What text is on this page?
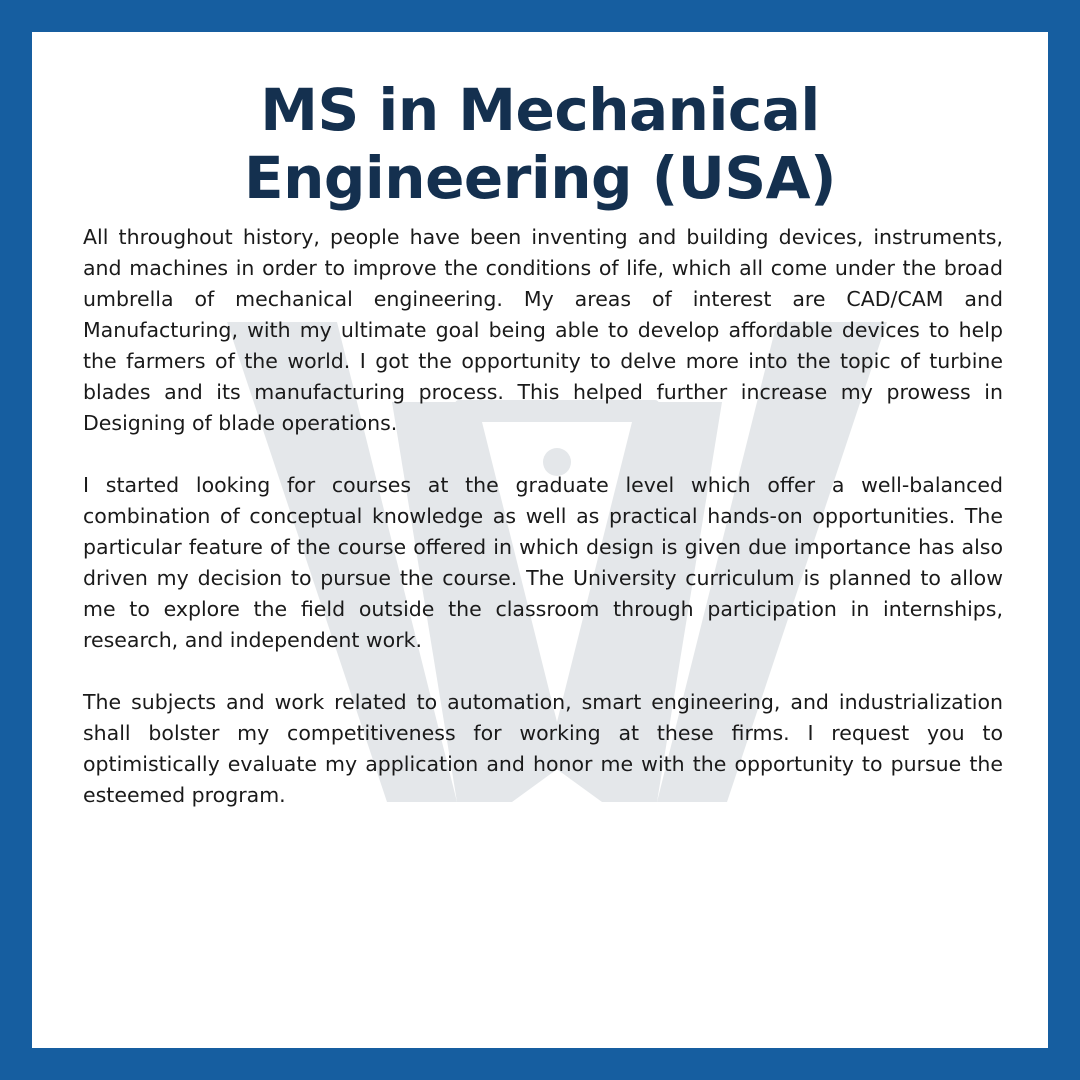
MS in Mechanical Engineering (USA)

All throughout history, people have been inventing and building devices, instruments, and machines in order to improve the conditions of life, which all come under the broad umbrella of mechanical engineering. My areas of interest are CAD/CAM and Manufacturing, with my ultimate goal being able to develop affordable devices to help the farmers of the world. I got the opportunity to delve more into the topic of turbine blades and its manufacturing process. This helped further increase my prowess in Designing of blade operations.

I started looking for courses at the graduate level which offer a well-balanced combination of conceptual knowledge as well as practical hands-on opportunities. The particular feature of the course offered in which design is given due importance has also driven my decision to pursue the course. The University curriculum is planned to allow me to explore the field outside the classroom through participation in internships, research, and independent work.

The subjects and work related to automation, smart engineering, and industrialization shall bolster my competitiveness for working at these firms. I request you to optimistically evaluate my application and honor me with the opportunity to pursue the esteemed program.
